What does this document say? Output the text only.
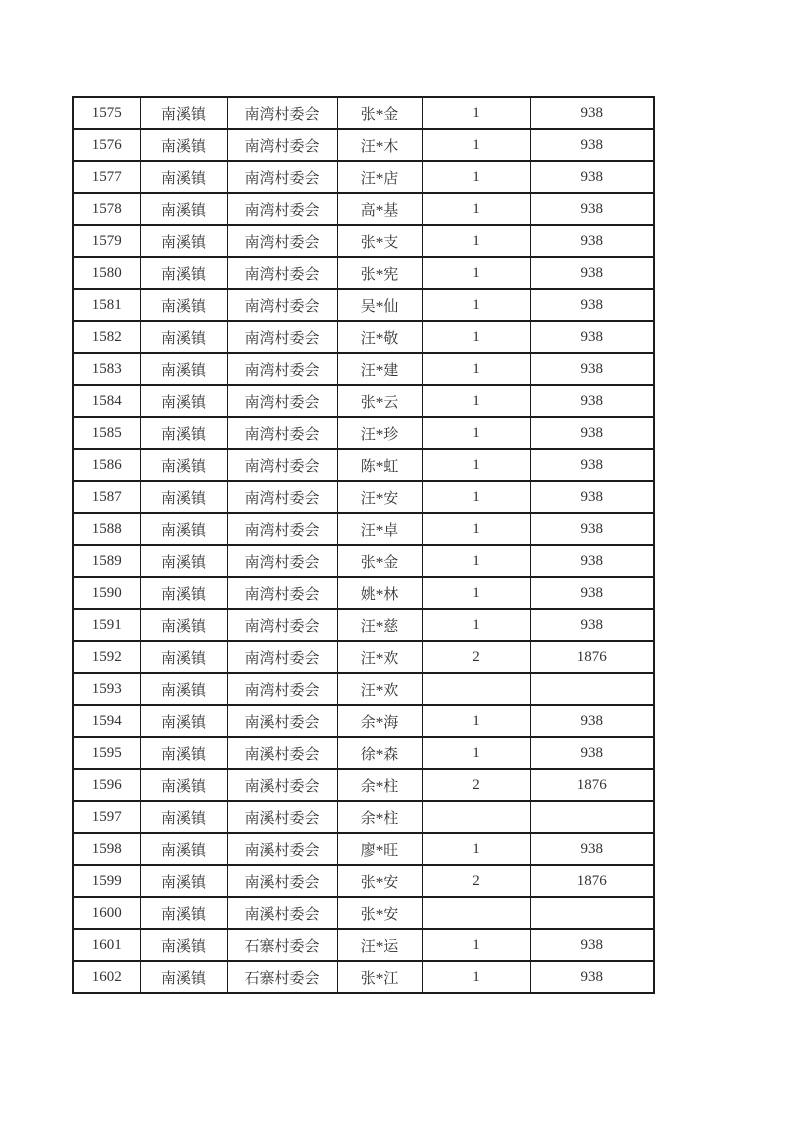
1575	南溪镇	南湾村委会	张*金	1	938
1576	南溪镇	南湾村委会	汪*木	1	938
1577	南溪镇	南湾村委会	汪*店	1	938
1578	南溪镇	南湾村委会	高*基	1	938
1579	南溪镇	南湾村委会	张*支	1	938
1580	南溪镇	南湾村委会	张*宪	1	938
1581	南溪镇	南湾村委会	吴*仙	1	938
1582	南溪镇	南湾村委会	汪*敬	1	938
1583	南溪镇	南湾村委会	汪*建	1	938
1584	南溪镇	南湾村委会	张*云	1	938
1585	南溪镇	南湾村委会	汪*珍	1	938
1586	南溪镇	南湾村委会	陈*虹	1	938
1587	南溪镇	南湾村委会	汪*安	1	938
1588	南溪镇	南湾村委会	汪*卓	1	938
1589	南溪镇	南湾村委会	张*金	1	938
1590	南溪镇	南湾村委会	姚*林	1	938
1591	南溪镇	南湾村委会	汪*慈	1	938
1592	南溪镇	南湾村委会	汪*欢	2	1876
1593	南溪镇	南湾村委会	汪*欢		
1594	南溪镇	南溪村委会	余*海	1	938
1595	南溪镇	南溪村委会	徐*森	1	938
1596	南溪镇	南溪村委会	余*柱	2	1876
1597	南溪镇	南溪村委会	余*柱		
1598	南溪镇	南溪村委会	廖*旺	1	938
1599	南溪镇	南溪村委会	张*安	2	1876
1600	南溪镇	南溪村委会	张*安		
1601	南溪镇	石寨村委会	汪*运	1	938
1602	南溪镇	石寨村委会	张*江	1	938
